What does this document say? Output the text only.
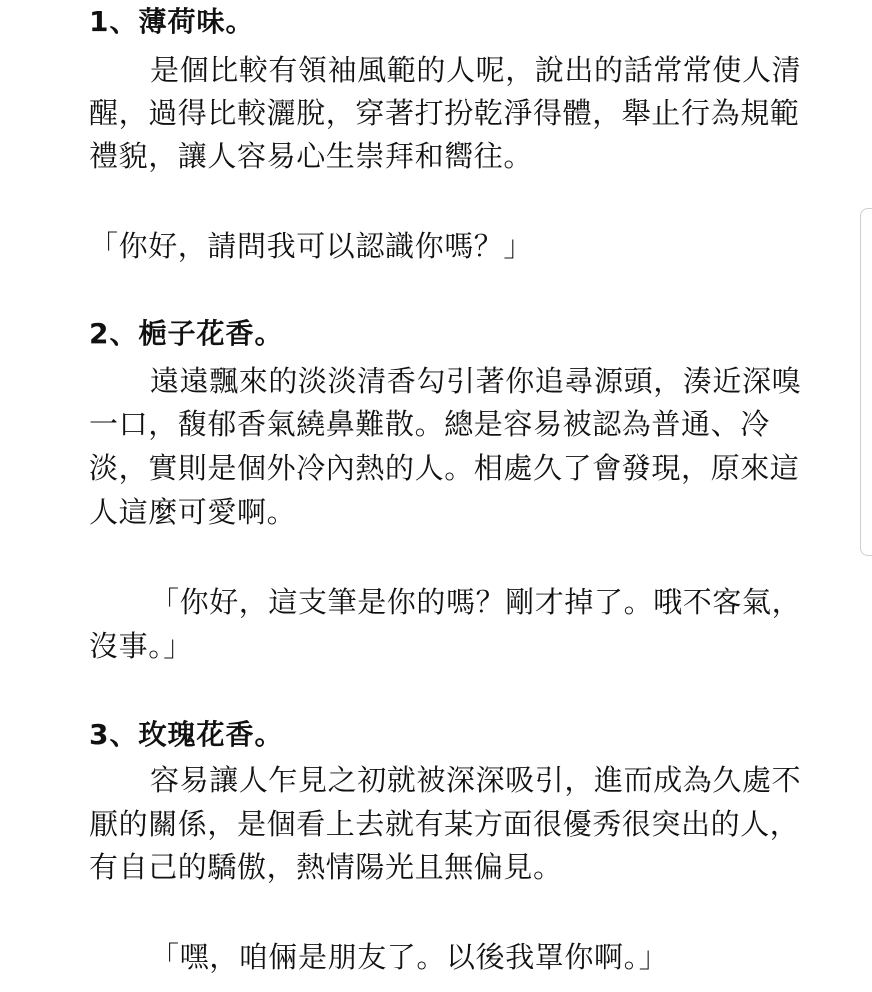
1、薄荷味。
是個比較有領袖風範的人呢，說出的話常常使人清
醒，過得比較灑脫，穿著打扮乾淨得體，舉止行為規範
禮貌，讓人容易心生崇拜和嚮往。
「你好，請問我可以認識你嗎？」
2、梔子花香。
遠遠飄來的淡淡清香勾引著你追尋源頭，湊近深嗅
一口，馥郁香氣繞鼻難散。總是容易被認為普通、冷
淡，實則是個外冷內熱的人。相處久了會發現，原來這
人這麼可愛啊。
「你好，這支筆是你的嗎？剛才掉了。哦不客氣，
沒事。」
3、玫瑰花香。
容易讓人乍見之初就被深深吸引，進而成為久處不
厭的關係，是個看上去就有某方面很優秀很突出的人，
有自己的驕傲，熱情陽光且無偏見。
「嘿，咱倆是朋友了。以後我罩你啊。」
